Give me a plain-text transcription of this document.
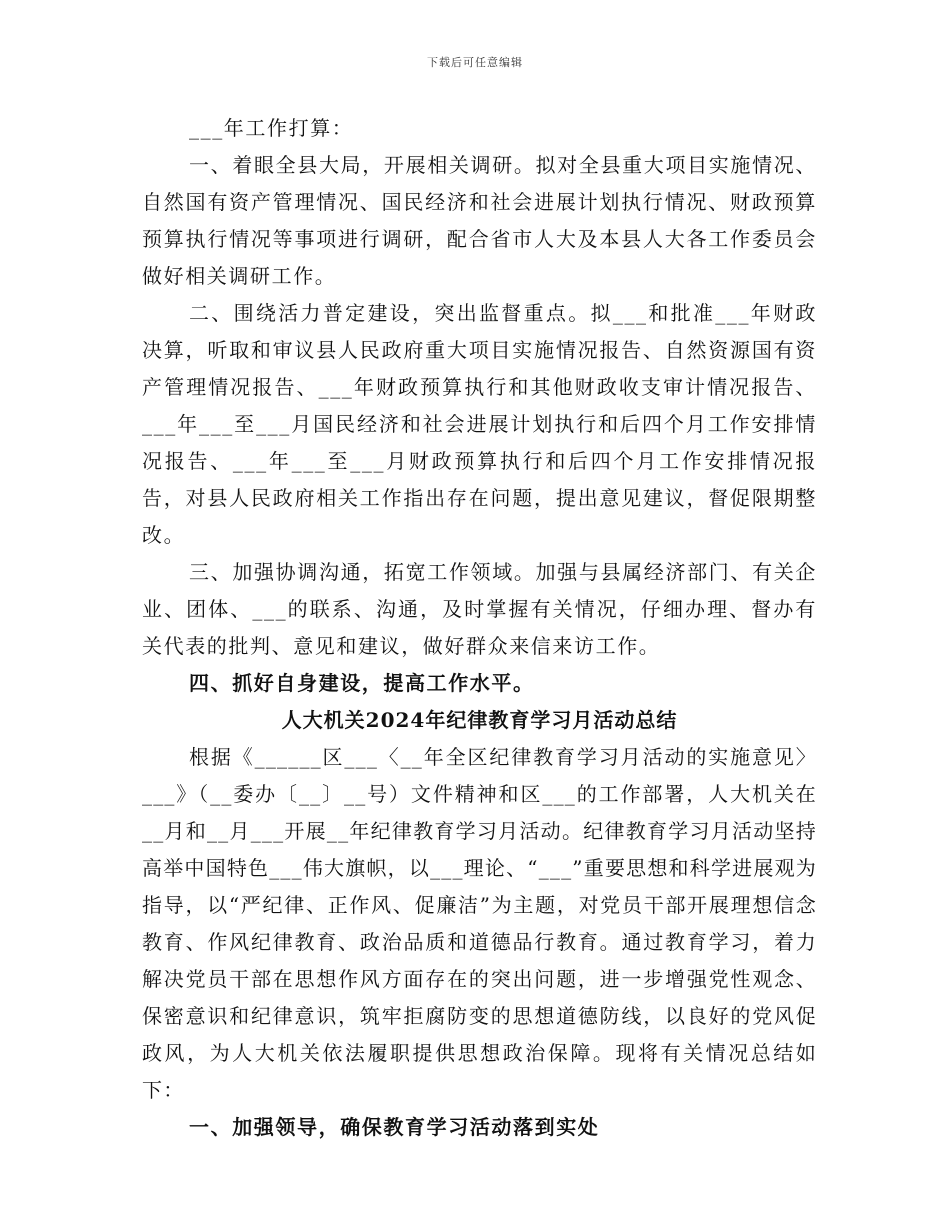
下载后可任意编辑

___年工作打算：

一、着眼全县大局，开展相关调研。拟对全县重大项目实施情况、自然国有资产管理情况、国民经济和社会进展计划执行情况、财政预算预算执行情况等事项进行调研，配合省市人大及本县人大各工作委员会做好相关调研工作。

二、围绕活力普定建设，突出监督重点。拟___和批准___年财政决算，听取和审议县人民政府重大项目实施情况报告、自然资源国有资产管理情况报告、___年财政预算执行和其他财政收支审计情况报告、___年___至___月国民经济和社会进展计划执行和后四个月工作安排情况报告、___年___至___月财政预算执行和后四个月工作安排情况报告，对县人民政府相关工作指出存在问题，提出意见建议，督促限期整改。

三、加强协调沟通，拓宽工作领域。加强与县属经济部门、有关企业、团体、___的联系、沟通，及时掌握有关情况，仔细办理、督办有关代表的批判、意见和建议，做好群众来信来访工作。

四、抓好自身建设，提高工作水平。

人大机关2024年纪律教育学习月活动总结

根据《______区___〈__年全区纪律教育学习月活动的实施意见〉___》（__委办〔__〕__号）文件精神和区___的工作部署，人大机关在__月和__月___开展__年纪律教育学习月活动。纪律教育学习月活动坚持高举中国特色___伟大旗帜，以___理论、“___”重要思想和科学进展观为指导，以“严纪律、正作风、促廉洁”为主题，对党员干部开展理想信念教育、作风纪律教育、政治品质和道德品行教育。通过教育学习，着力解决党员干部在思想作风方面存在的突出问题，进一步增强党性观念、保密意识和纪律意识，筑牢拒腐防变的思想道德防线，以良好的党风促政风，为人大机关依法履职提供思想政治保障。现将有关情况总结如下：

一、加强领导，确保教育学习活动落到实处
